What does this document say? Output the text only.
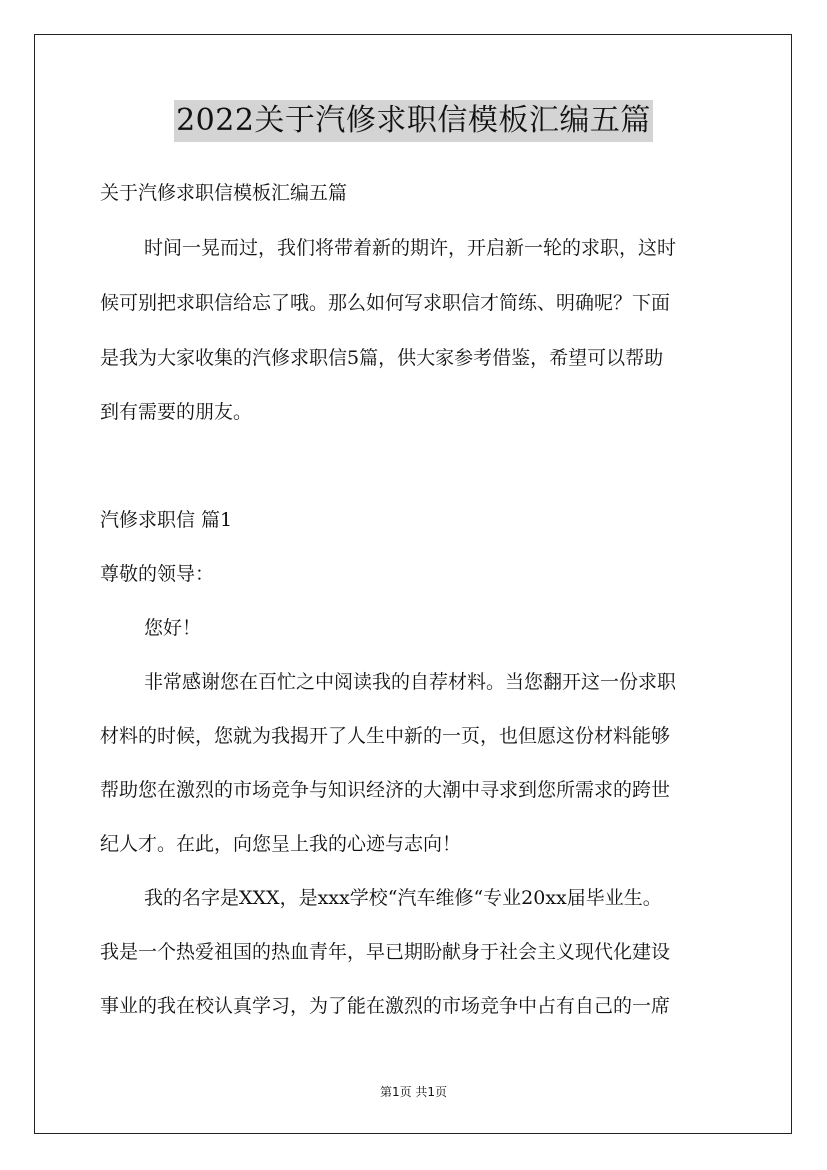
2022关于汽修求职信模板汇编五篇
关于汽修求职信模板汇编五篇
时间一晃而过，我们将带着新的期许，开启新一轮的求职，这时
候可别把求职信给忘了哦。那么如何写求职信才简练、明确呢？下面
是我为大家收集的汽修求职信5篇，供大家参考借鉴，希望可以帮助
到有需要的朋友。
汽修求职信 篇1
尊敬的领导：
您好！
非常感谢您在百忙之中阅读我的自荐材料。当您翻开这一份求职
材料的时候，您就为我揭开了人生中新的一页，也但愿这份材料能够
帮助您在激烈的市场竞争与知识经济的大潮中寻求到您所需求的跨世
纪人才。在此，向您呈上我的心迹与志向！
我的名字是XXX，是xxx学校“汽车维修“专业20xx届毕业生。
我是一个热爱祖国的热血青年，早已期盼献身于社会主义现代化建设
事业的我在校认真学习，为了能在激烈的市场竞争中占有自己的一席
第1页 共1页
